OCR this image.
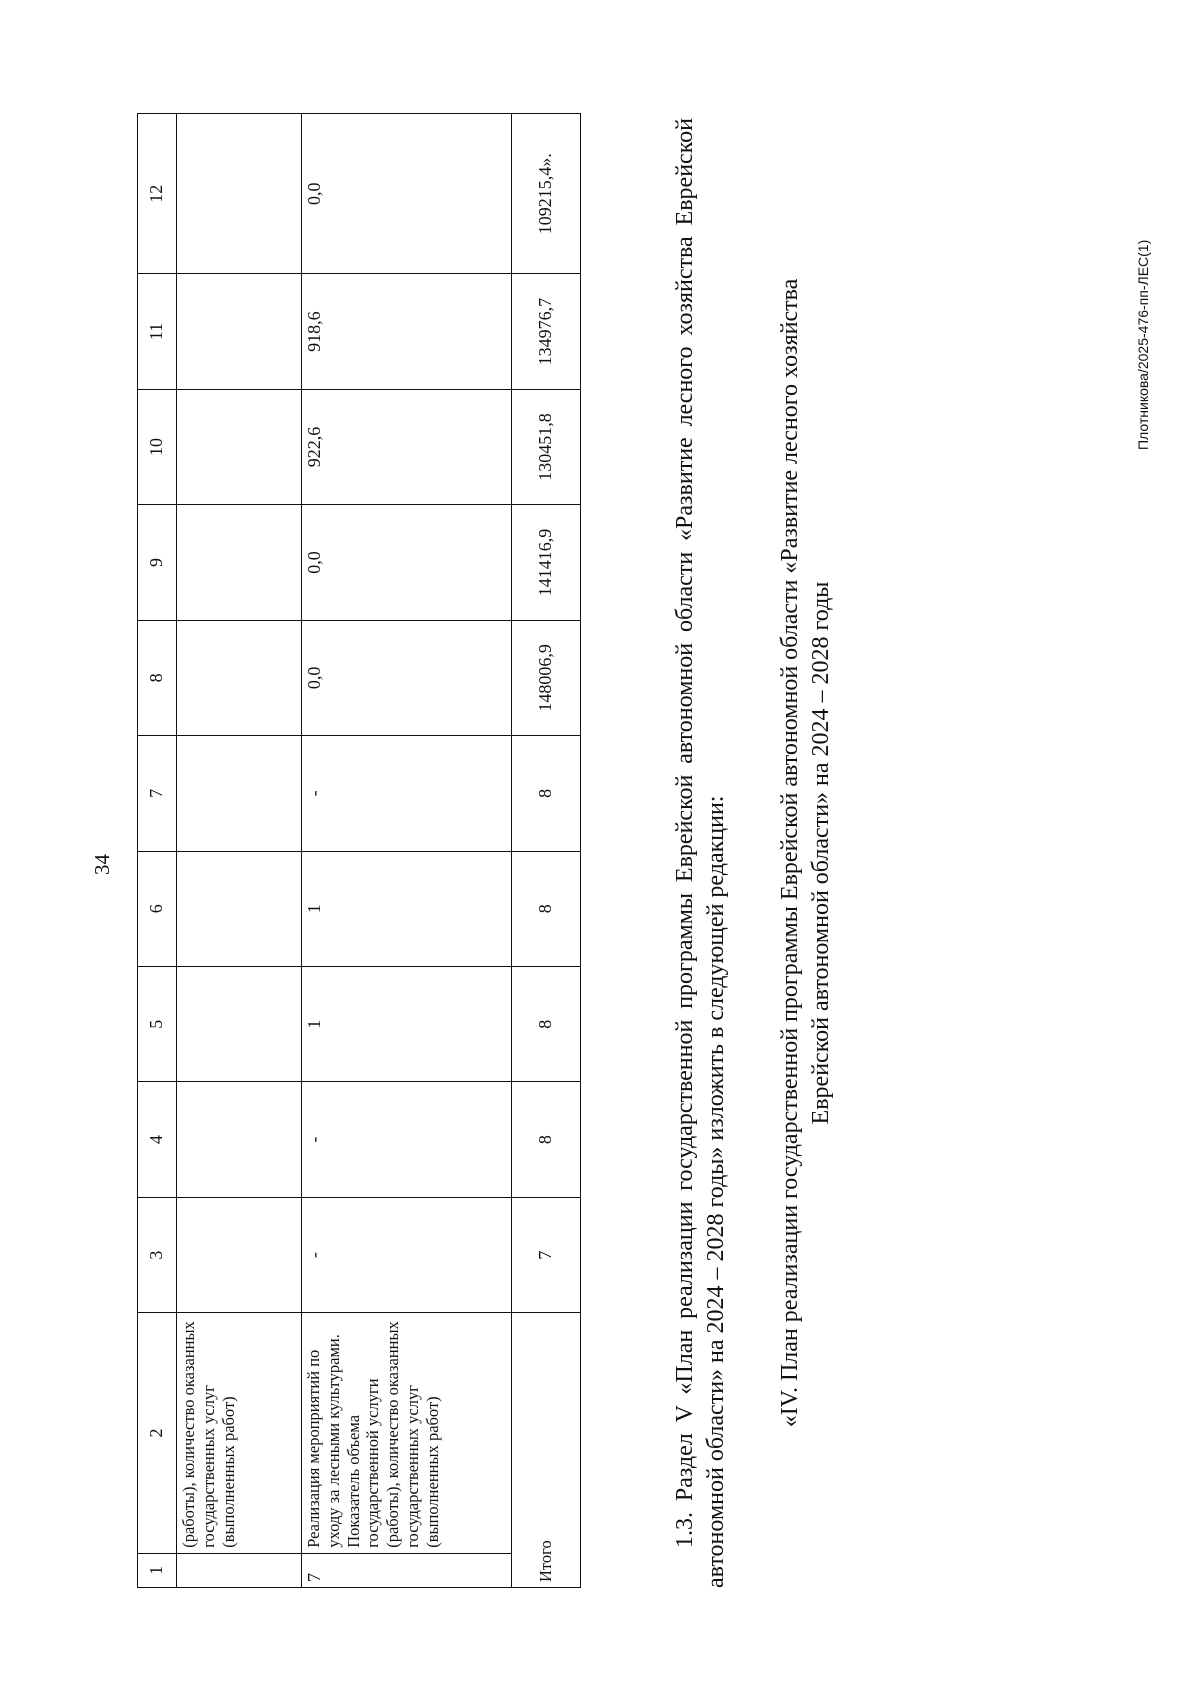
34
1	2	3	4	5	6	7	8	9	10	11	12
	(работы), количество оказанных государственных услуг (выполненных работ)										
7	Реализация мероприятий по уходу за лесными культурами. Показатель объема государственной услуги (работы), количество оказанных государственных услуг (выполненных работ)	-	-	1	1	-	0,0	0,0	922,6	918,6	0,0
Итого		7	8	8	8	8	148006,9	141416,9	130451,8	134976,7	109215,4».	1.3. Раздел V «План реализации государственной программы Еврейской автономной области «Развитие лесного хозяйства Еврейской автономной области» на 2024 – 2028 годы» изложить в следующей редакции: «IV. План реализации государственной программы Еврейской автономной области «Развитие лесного хозяйства Еврейской автономной области» на 2024 – 2028 годы
Плотникова/2025-476-пп-ЛЕС(1)
